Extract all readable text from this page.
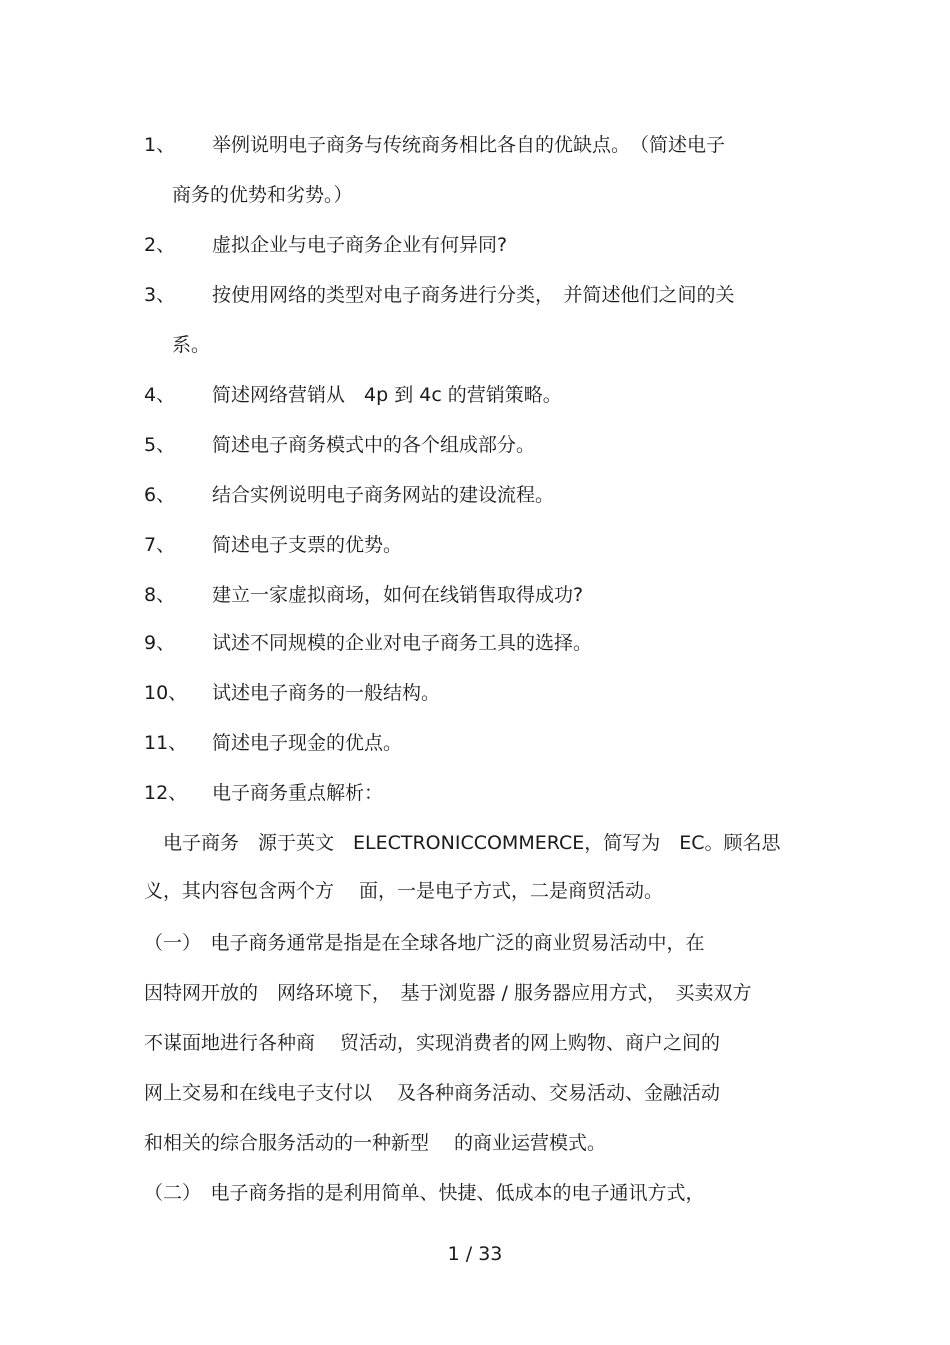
1、 举例说明电子商务与传统商务相比各自的优缺点。　（简述电子
商务的优势和劣势。）
2、 虚拟企业与电子商务企业有何异同?
3、 按使用网络的类型对电子商务进行分类，　并简述他们之间的关
系。
4、 简述网络营销从　4p 到 4c 的营销策略。
5、 简述电子商务模式中的各个组成部分。
6、 结合实例说明电子商务网站的建设流程。
7、 简述电子支票的优势。
8、 建立一家虚拟商场，如何在线销售取得成功?
9、 试述不同规模的企业对电子商务工具的选择。
10、 试述电子商务的一般结构。
11、 简述电子现金的优点。
12、 电子商务重点解析：
　电子商务　源于英文　ELECTRONICCOMMERCE，简写为　EC。顾名思
义，其内容包含两个方　 面，一是电子方式，二是商贸活动。
（一）　电子商务通常是指是在全球各地广泛的商业贸易活动中，在
因特网开放的　网络环境下，　基于浏览器 / 服务器应用方式，　买卖双方
不谋面地进行各种商　 贸活动，实现消费者的网上购物、商户之间的
网上交易和在线电子支付以　 及各种商务活动、交易活动、金融活动
和相关的综合服务活动的一种新型　 的商业运营模式。
（二）　电子商务指的是利用简单、快捷、低成本的电子通讯方式，
1 / 33
